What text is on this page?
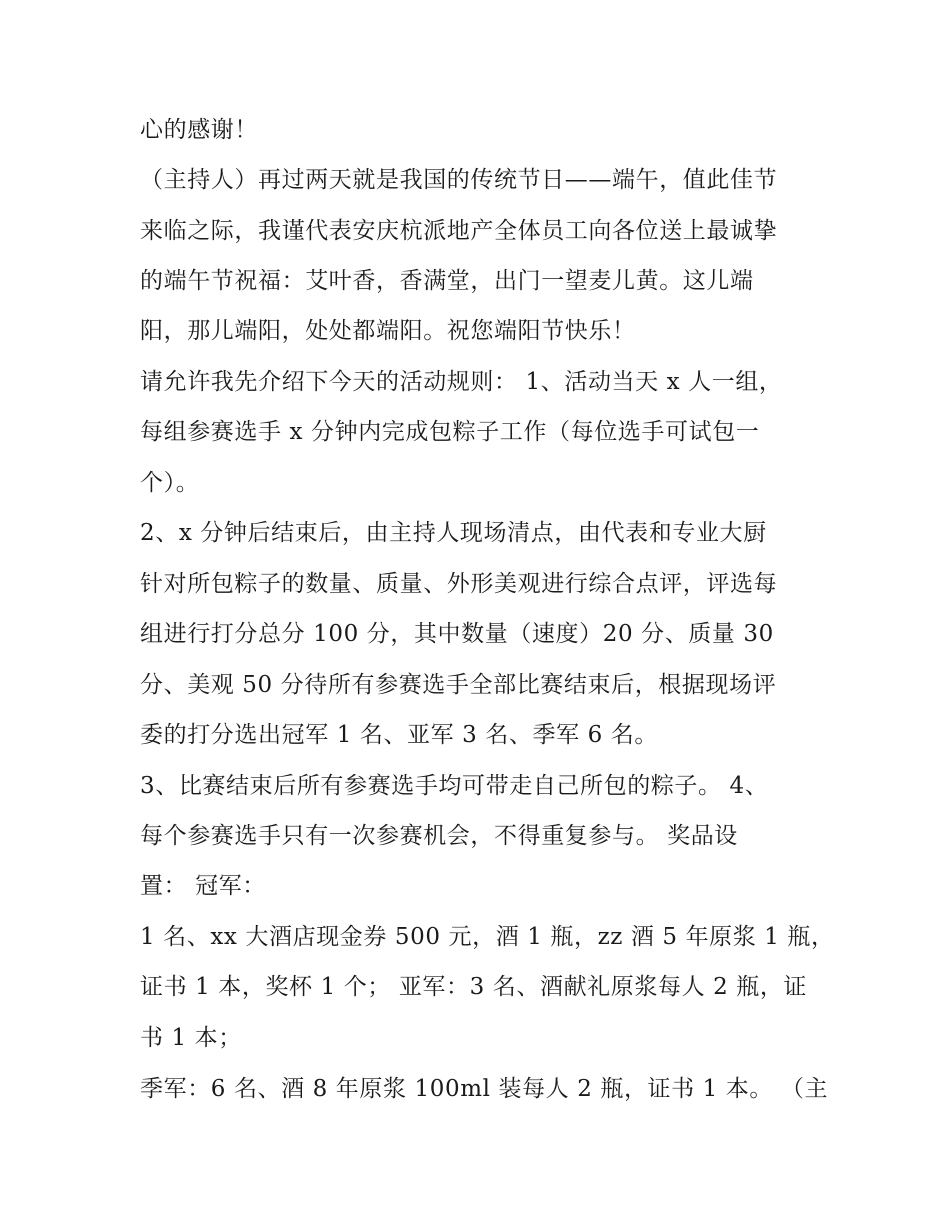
心的感谢！
（主持人）再过两天就是我国的传统节日——端午，值此佳节
来临之际，我谨代表安庆杭派地产全体员工向各位送上最诚挚
的端午节祝福：艾叶香，香满堂，出门一望麦儿黄。这儿端
阳，那儿端阳，处处都端阳。祝您端阳节快乐！
请允许我先介绍下今天的活动规则： 1、活动当天 x 人一组，
每组参赛选手 x 分钟内完成包粽子工作（每位选手可试包一
个）。
2、x 分钟后结束后，由主持人现场清点，由代表和专业大厨
针对所包粽子的数量、质量、外形美观进行综合点评，评选每
组进行打分总分 100 分，其中数量（速度）20 分、质量 30
分、美观 50 分待所有参赛选手全部比赛结束后，根据现场评
委的打分选出冠军 1 名、亚军 3 名、季军 6 名。
3、比赛结束后所有参赛选手均可带走自己所包的粽子。 4、
每个参赛选手只有一次参赛机会，不得重复参与。 奖品设
置： 冠军：
1 名、xx 大酒店现金券 500 元，酒 1 瓶，zz 酒 5 年原浆 1 瓶，
证书 1 本，奖杯 1 个； 亚军：3 名、酒献礼原浆每人 2 瓶，证
书 1 本；
季军：6 名、酒 8 年原浆 100ml 装每人 2 瓶，证书 1 本。 （主
